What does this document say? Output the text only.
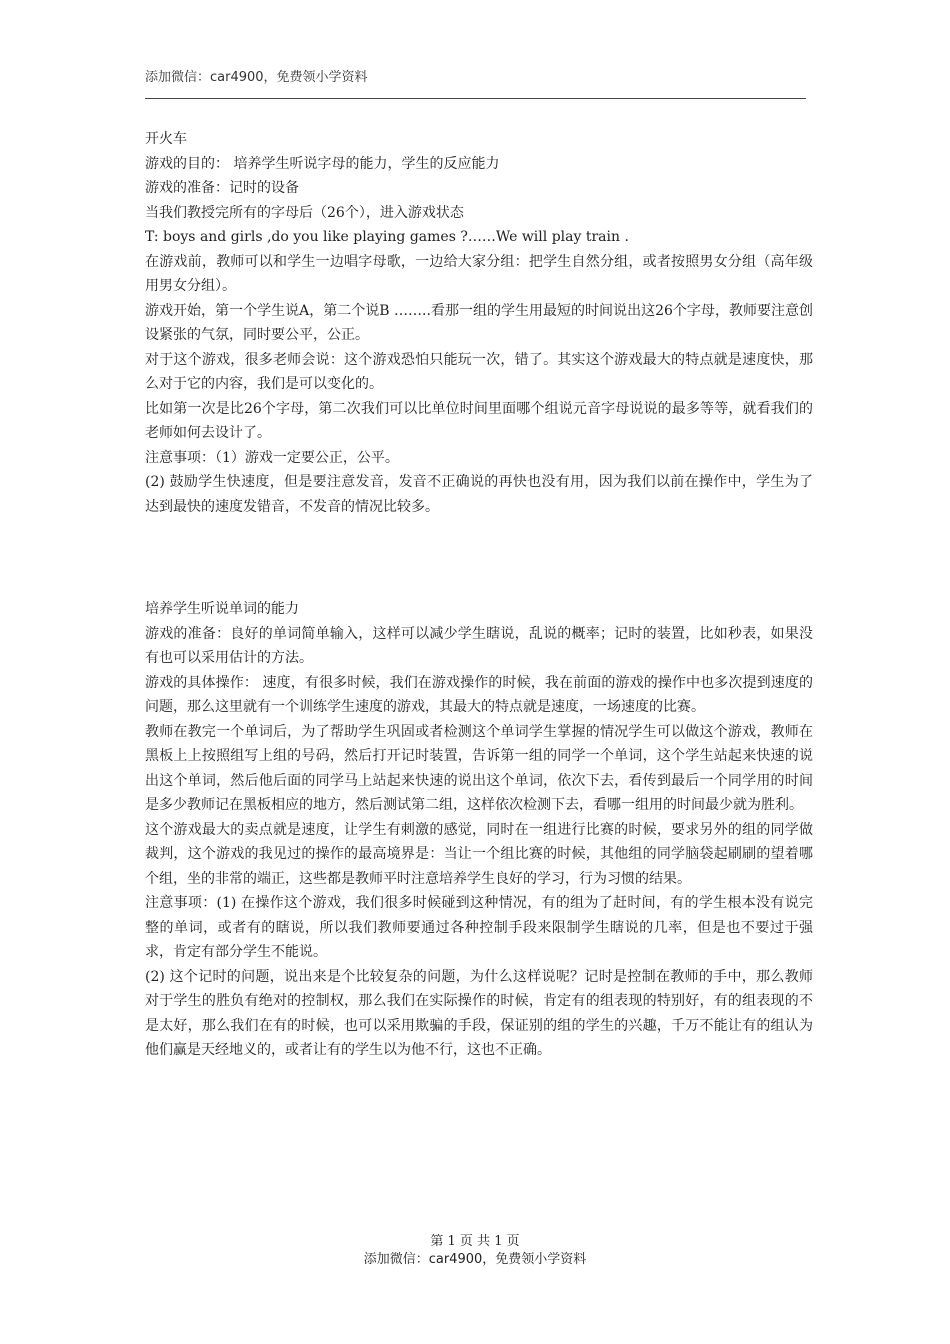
添加微信：car4900，免费领小学资料

开火车

游戏的目的： 培养学生听说字母的能力，学生的反应能力

游戏的准备：记时的设备

当我们教授完所有的字母后（26个），进入游戏状态

T: boys and girls ,do you like playing games ?……We will play train .

在游戏前，教师可以和学生一边唱字母歌，一边给大家分组：把学生自然分组，或者按照男女分组（高年级用男女分组）。

游戏开始，第一个学生说A，第二个说B ……..看那一组的学生用最短的时间说出这26个字母，教师要注意创设紧张的气氛，同时要公平，公正。

对于这个游戏，很多老师会说：这个游戏恐怕只能玩一次，错了。其实这个游戏最大的特点就是速度快，那么对于它的内容，我们是可以变化的。

比如第一次是比26个字母，第二次我们可以比单位时间里面哪个组说元音字母说说的最多等等，就看我们的老师如何去设计了。

注意事项：（1）游戏一定要公正，公平。

(2) 鼓励学生快速度，但是要注意发音，发音不正确说的再快也没有用，因为我们以前在操作中，学生为了达到最快的速度发错音，不发音的情况比较多。

培养学生听说单词的能力

游戏的准备：良好的单词简单输入，这样可以减少学生瞎说，乱说的概率；记时的装置，比如秒表，如果没有也可以采用估计的方法。

游戏的具体操作： 速度，有很多时候，我们在游戏操作的时候，我在前面的游戏的操作中也多次提到速度的问题，那么这里就有一个训练学生速度的游戏，其最大的特点就是速度，一场速度的比赛。

教师在教完一个单词后，为了帮助学生巩固或者检测这个单词学生掌握的情况学生可以做这个游戏，教师在黑板上上按照组写上组的号码，然后打开记时装置，告诉第一组的同学一个单词，这个学生站起来快速的说出这个单词，然后他后面的同学马上站起来快速的说出这个单词，依次下去，看传到最后一个同学用的时间是多少教师记在黑板相应的地方，然后测试第二组，这样依次检测下去，看哪一组用的时间最少就为胜利。

这个游戏最大的卖点就是速度，让学生有刺激的感觉，同时在一组进行比赛的时候，要求另外的组的同学做裁判，这个游戏的我见过的操作的最高境界是：当让一个组比赛的时候，其他组的同学脑袋起刷刷的望着哪个组，坐的非常的端正，这些都是教师平时注意培养学生良好的学习，行为习惯的结果。

注意事项：(1) 在操作这个游戏，我们很多时候碰到这种情况，有的组为了赶时间，有的学生根本没有说完整的单词，或者有的瞎说，所以我们教师要通过各种控制手段来限制学生瞎说的几率，但是也不要过于强求，肯定有部分学生不能说。

(2) 这个记时的问题，说出来是个比较复杂的问题，为什么这样说呢？记时是控制在教师的手中，那么教师对于学生的胜负有绝对的控制权，那么我们在实际操作的时候，肯定有的组表现的特别好，有的组表现的不是太好，那么我们在有的时候，也可以采用欺骗的手段，保证别的组的学生的兴趣，千万不能让有的组认为他们赢是天经地义的，或者让有的学生以为他不行，这也不正确。

第 1 页 共 1 页
添加微信：car4900，免费领小学资料
